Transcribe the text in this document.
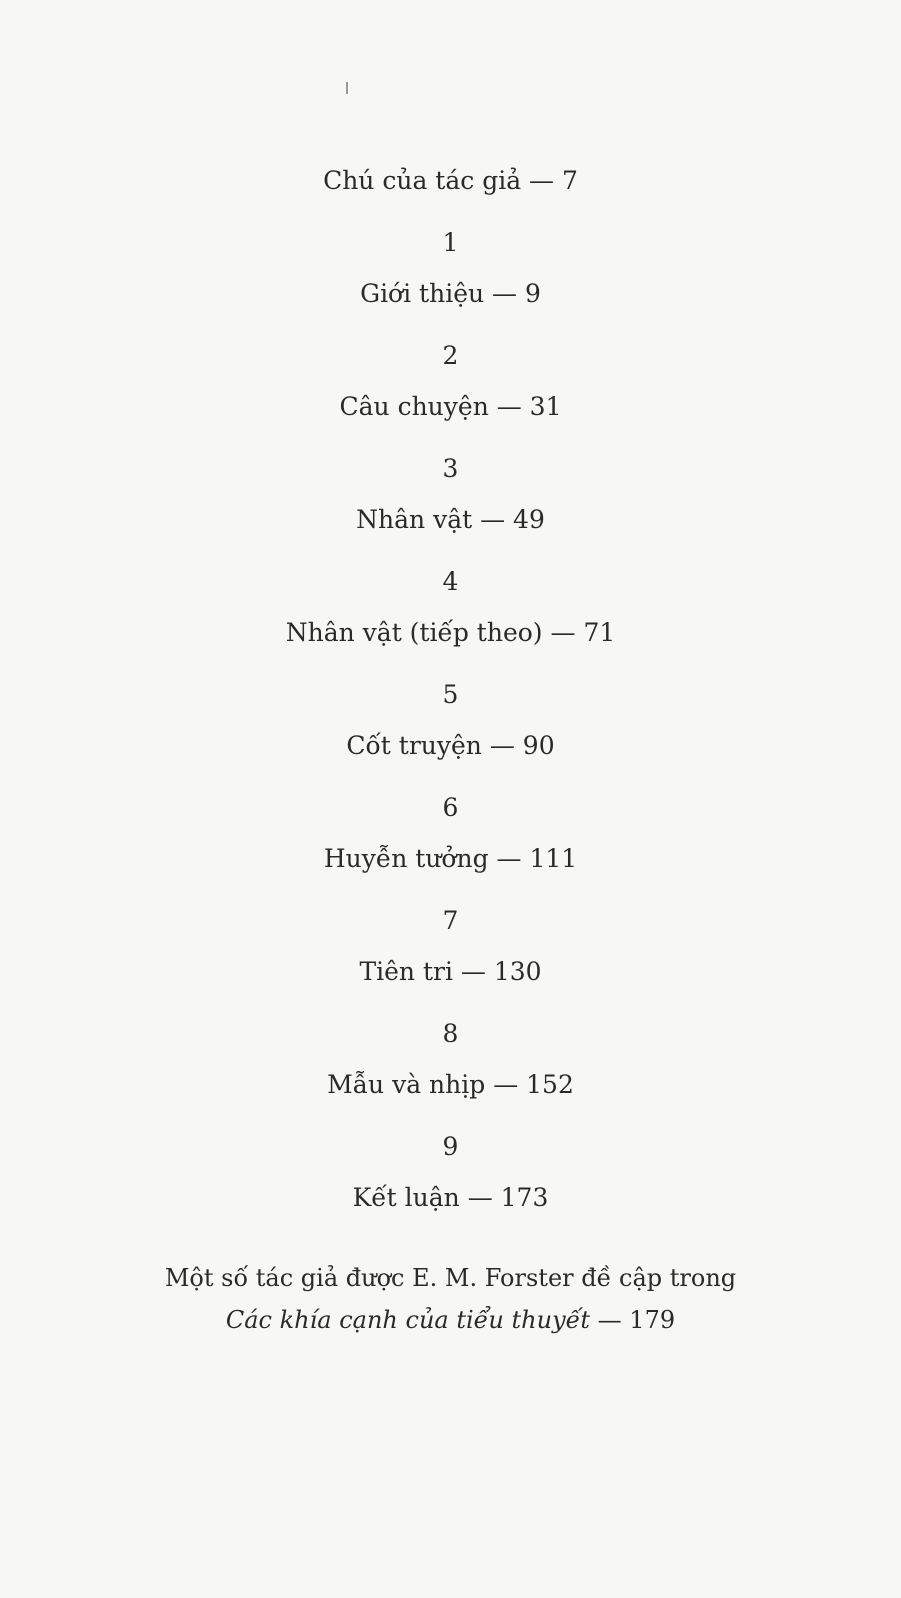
Chú của tác giả — 7
1
Giới thiệu — 9
2
Câu chuyện — 31
3
Nhân vật — 49
4
Nhân vật (tiếp theo) — 71
5
Cốt truyện — 90
6
Huyễn tưởng — 111
7
Tiên tri — 130
8
Mẫu và nhịp — 152
9
Kết luận — 173
Một số tác giả được E. M. Forster đề cập trong
Các khía cạnh của tiểu thuyết — 179
